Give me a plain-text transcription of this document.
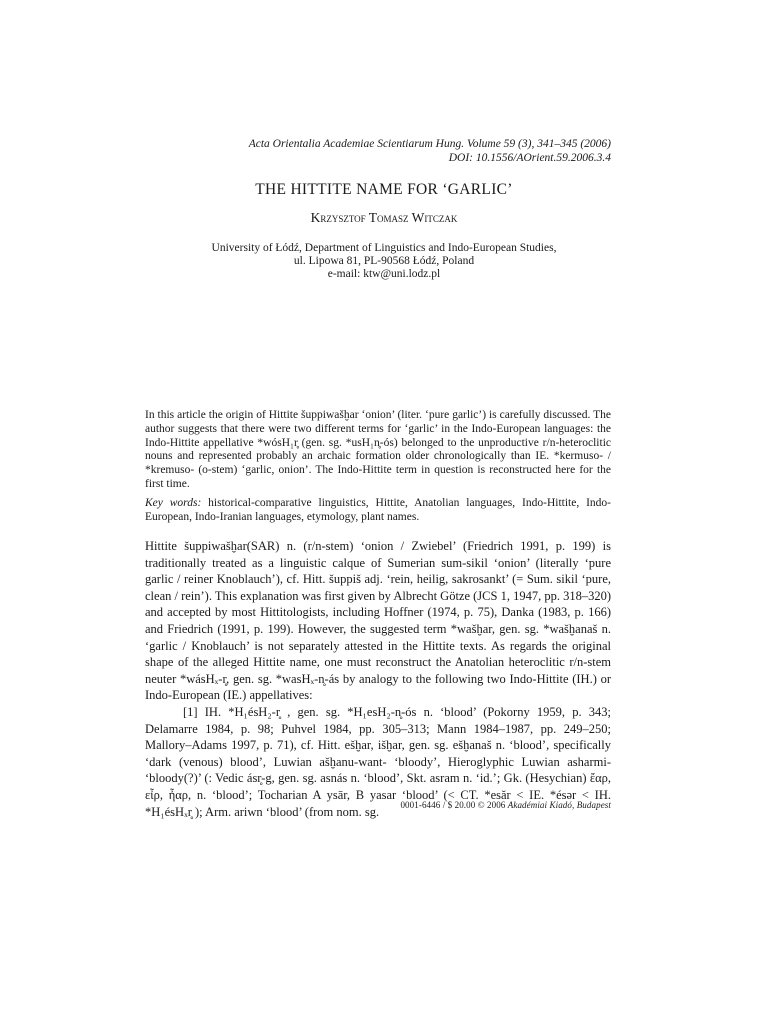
Acta Orientalia Academiae Scientiarum Hung. Volume 59 (3), 341–345 (2006)
DOI: 10.1556/AOrient.59.2006.3.4
THE HITTITE NAME FOR ‘GARLIC’
Krzysztof Tomasz Witczak
University of Łódź, Department of Linguistics and Indo-European Studies,
ul. Lipowa 81, PL-90568 Łódź, Poland
e-mail: ktw@uni.lodz.pl

In this article the origin of Hittite šuppiwašḫar ‘onion’ (liter. ‘pure garlic’) is carefully discussed. The author suggests that there were two different terms for ‘garlic’ in the Indo-European languages: the Indo-Hittite appellative *wósH₁r̥ (gen. sg. *usH₁n̥-ós) belonged to the unproductive r/n-heteroclitic nouns and represented probably an archaic formation older chronologically than IE. *kermuso- / *kremuso- (o-stem) ‘garlic, onion’. The Indo-Hittite term in question is reconstructed here for the first time.

Key words: historical-comparative linguistics, Hittite, Anatolian languages, Indo-Hittite, Indo-European, Indo-Iranian languages, etymology, plant names.

Hittite šuppiwašḫar(SAR) n. (r/n-stem) ‘onion / Zwiebel’ (Friedrich 1991, p. 199) is traditionally treated as a linguistic calque of Sumerian sum-sikil ‘onion’ (literally ‘pure garlic / reiner Knoblauch’), cf. Hitt. šuppiš adj. ‘rein, heilig, sakrosankt’ (= Sum. sikil ‘pure, clean / rein’). This explanation was first given by Albrecht Götze (JCS 1, 1947, pp. 318–320) and accepted by most Hittitologists, including Hoffner (1974, p. 75), Danka (1983, p. 166) and Friedrich (1991, p. 199). However, the suggested term *wašḫar, gen. sg. *wašḫanaš n. ‘garlic / Knoblauch’ is not separately attested in the Hittite texts. As regards the original shape of the alleged Hittite name, one must reconstruct the Anatolian heteroclitic r/n-stem neuter *wásHₓ-r̥, gen. sg. *wasHₓ-n̥-ás by analogy to the following two Indo-Hittite (IH.) or Indo-European (IE.) appellatives:

[1] IH. *H₁ésH₂-r̥ , gen. sg. *H₁esH₂-n̥-ós n. ‘blood’ (Pokorny 1959, p. 343; Delamarre 1984, p. 98; Puhvel 1984, pp. 305–313; Mann 1984–1987, pp. 249–250; Mallory–Adams 1997, p. 71), cf. Hitt. ešḫar, išḫar, gen. sg. ešḫanaš n. ‘blood’, specifically ‘dark (venous) blood’, Luwian ašḫanu-want- ‘bloody’, Hieroglyphic Luwian asharmi- ‘bloody(?)’ (: Vedic ásr̥-g, gen. sg. asnás n. ‘blood’, Skt. asram n. ‘id.’; Gk. (Hesychian) ἔαρ, εἶρ, ἦαρ, n. ‘blood’; Tocharian A ysār, B yasar ‘blood’ (< CT. *esăr < IE. *ésər < IH. *H₁ésHₓr̥ ); Arm. ariwn ‘blood’ (from nom. sg.	0001-6446 / $ 20.00 © 2006 Akadémiai Kiadó, Budapest
